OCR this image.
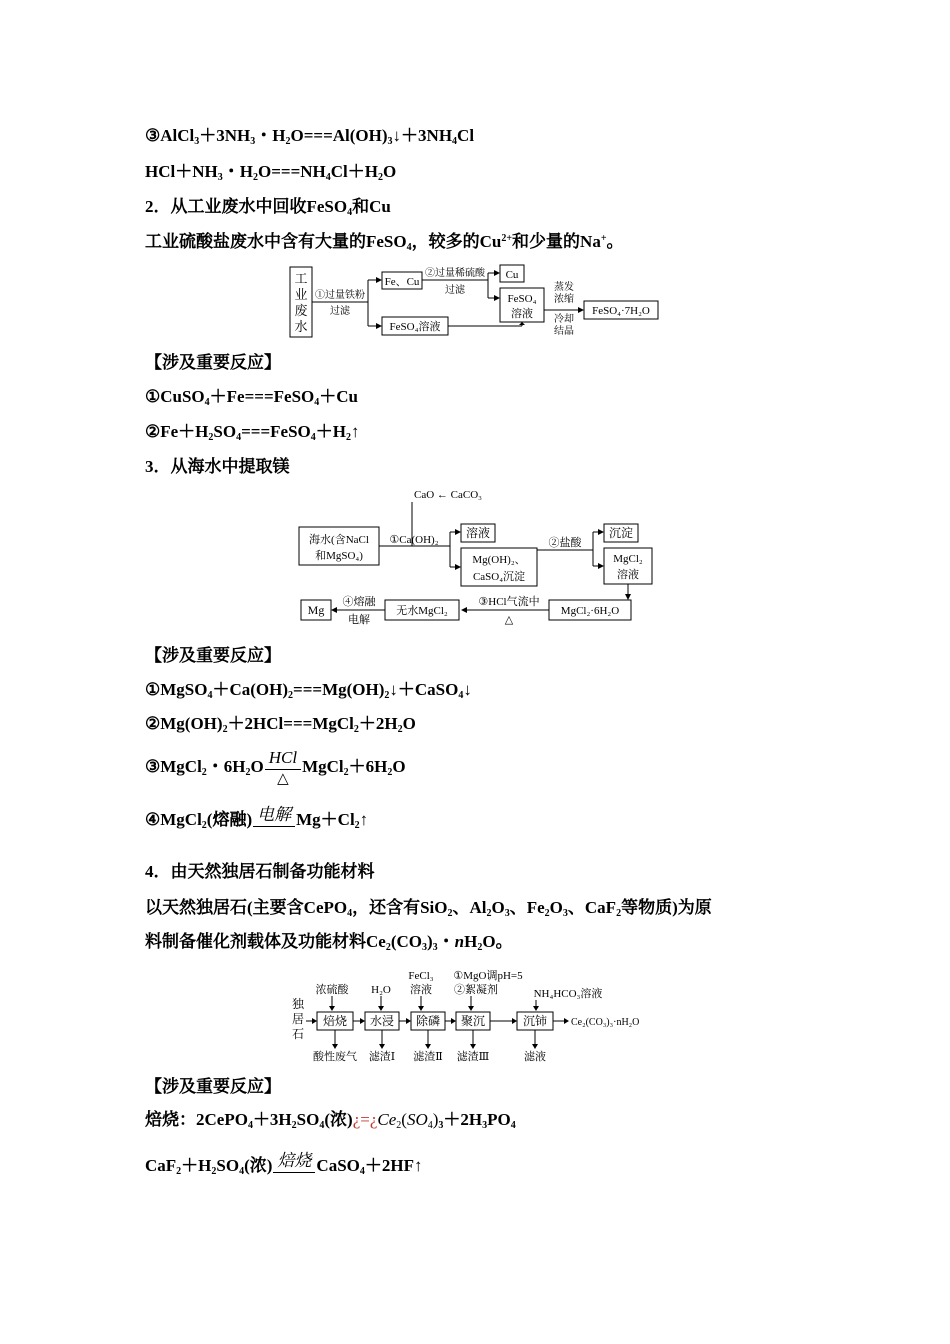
$③AlCl_3+3NH_3$・$H_2O===Al(OH)_3↓+3NH_4Cl$
$HCl+NH_3$・$H_2O===NH_4Cl+H_2O$
2．从工业废水中回收FeSO$_4$和Cu
工业硫酸盐废水中含有大量的FeSO$_4$，较多的$Cu^{2+}$和少量的Na+。
工
业
废
水
①过量铁粉
过滤
Fe、Cu
FeSO₄溶液
②过量稀硫酸
过滤
Cu
FeSO₄
溶液
蒸发
浓缩
冷却
结晶
FeSO₄·7H₂O
【涉及重要反应】
①CuSO$_4$＋Fe===FeSO$_4$＋Cu
$②Fe+H_2SO_4===FeSO_4+H_2↑$
3．从海水中提取镁
CaO ← CaCO₃
海水(含NaCl
和MgSO₄)
①Ca(OH)₂ 溶液
Mg(OH)₂、
CaSO₄沉淀
②盐酸
沉淀
MgCl₂
溶液
MgCl₂·6H₂O
③HCl气流中
△
无水MgCl₂
④熔融
电解
Mg
【涉及重要反应】
$①MgSO_4+Ca(OH)_2===Mg(OH)_2↓+CaSO_4↓$
$②Mg(OH)_2+2HCl===MgCl_2+2H_2O$
③MgCl$_2$・$6H_2O \frac{\text{HCl}}{\triangle}$ $MgCl_2+6H_2O$
④MgCl$_2$(熔融) 电解 $Mg+Cl_2↑$
4．由天然独居石制备功能材料
以天然独居石(主要含CePO$_4$，还含有SiO$_2$、$Al_2O_3$、$Fe_2O_3$、CaF$_2$等物质)为原
料制备催化剂载体及功能材料$Ce_2(CO_3)_3$・$nH_2O$。
独
居
石
浓硫酸
焙烧
酸性废气
H₂O
水浸
滤渣Ⅰ
FeCl₃
溶液
除磷
滤渣Ⅱ
①MgO调pH=5
②絮凝剂
聚沉
滤渣Ⅲ
NH₄HCO₃溶液
沉铈
滤液
Ce₂(CO₃)₃·nH₂O
【涉及重要反应】
焙烧：$2CePO_4+3H_2SO_4$(浓)¿$=¿Ce_2(SO_4)_3+2H_3PO_4$
$CaF_2+H_2SO_4$(浓) 焙烧 CaSO$_4$＋2HF↑
